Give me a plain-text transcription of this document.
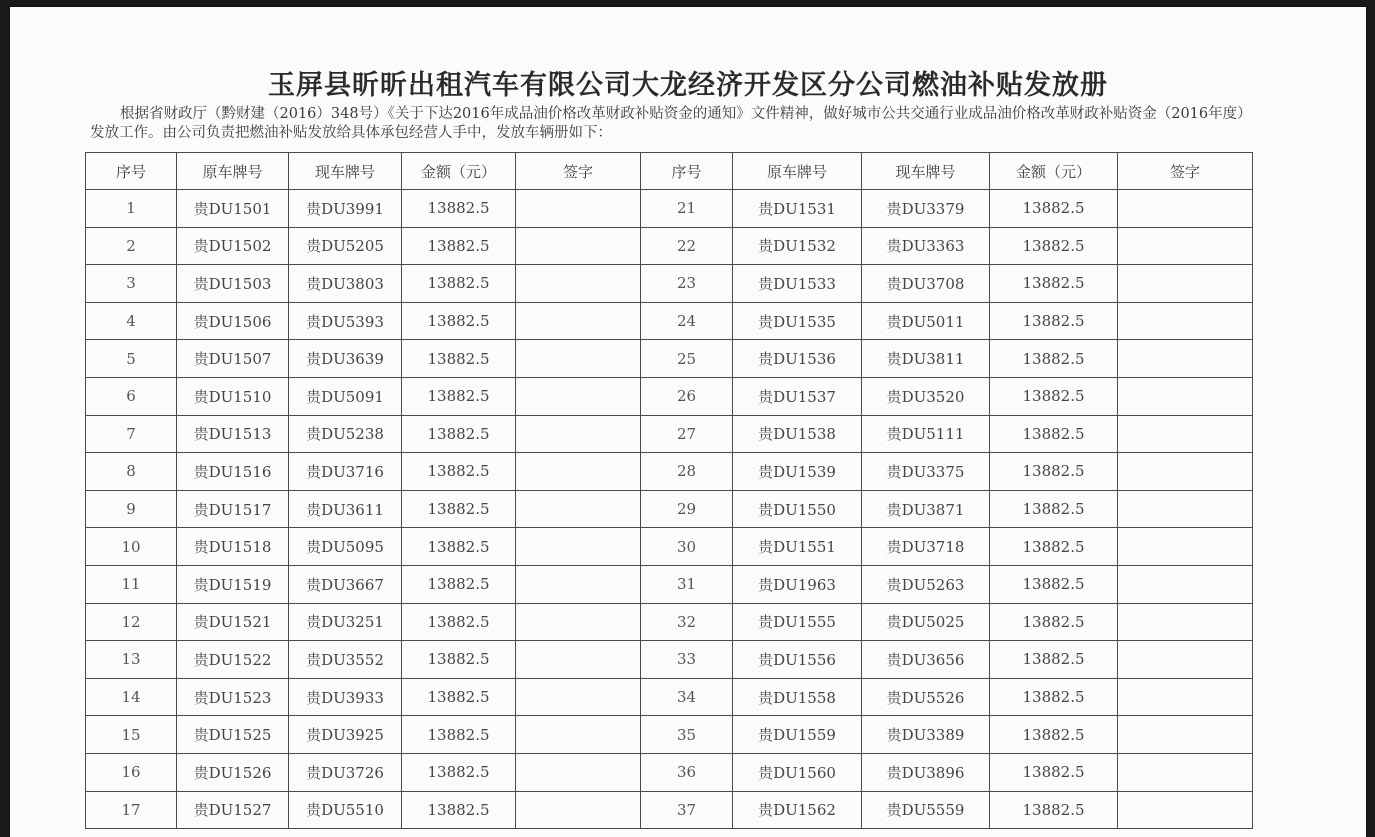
玉屏县昕昕出租汽车有限公司大龙经济开发区分公司燃油补贴发放册
根据省财政厅（黔财建（2016）348号）《关于下达2016年成品油价格改革财政补贴资金的通知》文件精神，做好城市公共交通行业成品油价格改革财政补贴资金（2016年度）发放工作。由公司负责把燃油补贴发放给具体承包经营人手中，发放车辆册如下：
序号	原车牌号	现车牌号	金额（元）	签字	序号	原车牌号	现车牌号	金额（元）	签字
1	贵DU1501	贵DU3991	13882.5		21	贵DU1531	贵DU3379	13882.5	
2	贵DU1502	贵DU5205	13882.5		22	贵DU1532	贵DU3363	13882.5	
3	贵DU1503	贵DU3803	13882.5		23	贵DU1533	贵DU3708	13882.5	
4	贵DU1506	贵DU5393	13882.5		24	贵DU1535	贵DU5011	13882.5	
5	贵DU1507	贵DU3639	13882.5		25	贵DU1536	贵DU3811	13882.5	
6	贵DU1510	贵DU5091	13882.5		26	贵DU1537	贵DU3520	13882.5	
7	贵DU1513	贵DU5238	13882.5		27	贵DU1538	贵DU5111	13882.5	
8	贵DU1516	贵DU3716	13882.5		28	贵DU1539	贵DU3375	13882.5	
9	贵DU1517	贵DU3611	13882.5		29	贵DU1550	贵DU3871	13882.5	
10	贵DU1518	贵DU5095	13882.5		30	贵DU1551	贵DU3718	13882.5	
11	贵DU1519	贵DU3667	13882.5		31	贵DU1963	贵DU5263	13882.5	
12	贵DU1521	贵DU3251	13882.5		32	贵DU1555	贵DU5025	13882.5	
13	贵DU1522	贵DU3552	13882.5		33	贵DU1556	贵DU3656	13882.5	
14	贵DU1523	贵DU3933	13882.5		34	贵DU1558	贵DU5526	13882.5	
15	贵DU1525	贵DU3925	13882.5		35	贵DU1559	贵DU3389	13882.5	
16	贵DU1526	贵DU3726	13882.5		36	贵DU1560	贵DU3896	13882.5	
17	贵DU1527	贵DU5510	13882.5		37	贵DU1562	贵DU5559	13882.5	
